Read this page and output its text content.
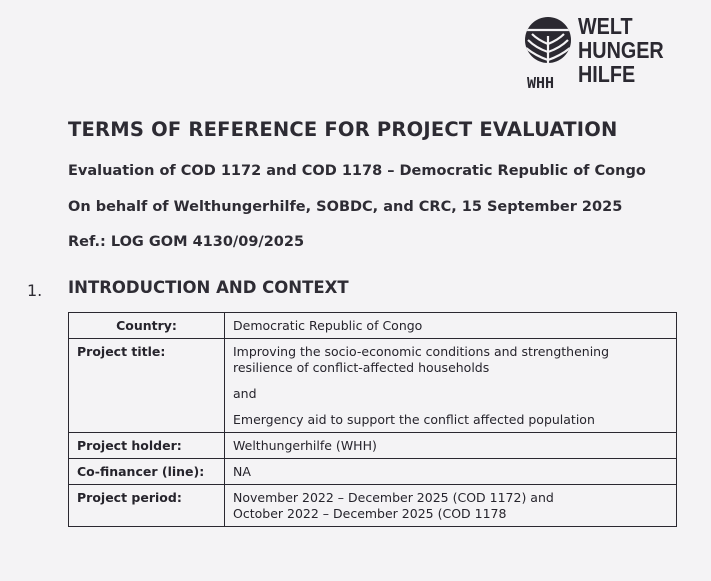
WHH
WELT
HUNGER
HILFE
TERMS OF REFERENCE FOR PROJECT EVALUATION

Evaluation of COD 1172 and COD 1178 – Democratic Republic of Congo

On behalf of Welthungerhilfe, SOBDC, and CRC, 15 September 2025

Ref.: LOG GOM 4130/09/2025

1. INTRODUCTION AND CONTEXT
Country:	Democratic Republic of Congo
Project title:	Improving the socio-economic conditions and strengthening resilience of conflict-affected households
and
Emergency aid to support the conflict affected population

Project holder:	Welthungerhilfe (WHH)
Co-financer (line):	NA
Project period:	November 2022 – December 2025 (COD 1172) and
October 2022 – December 2025 (COD 1178
